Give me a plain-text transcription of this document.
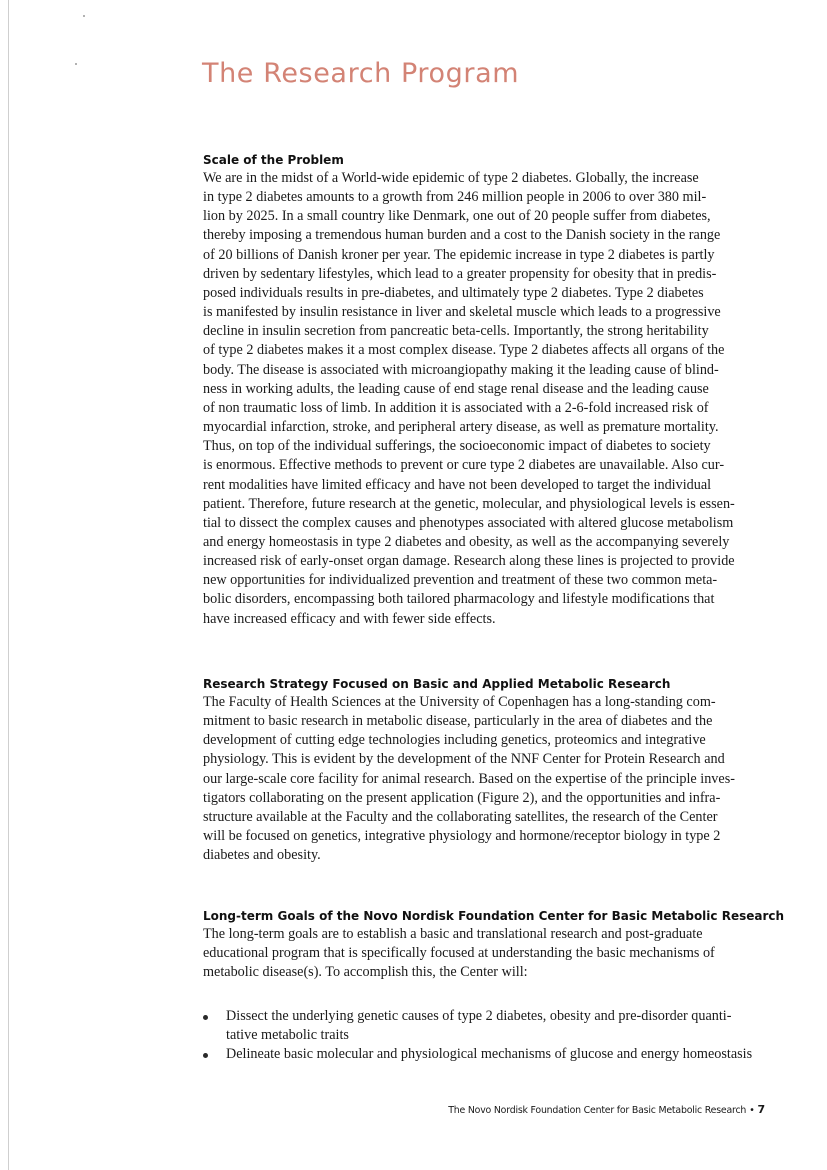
The Research Program
Scale of the Problem

We are in the midst of a World-wide epidemic of type 2 diabetes. Globally, the increase
in type 2 diabetes amounts to a growth from 246 million people in 2006 to over 380 mil-
lion by 2025. In a small country like Denmark, one out of 20 people suffer from diabetes,
thereby imposing a tremendous human burden and a cost to the Danish society in the range
of 20 billions of Danish kroner per year. The epidemic increase in type 2 diabetes is partly
driven by sedentary lifestyles, which lead to a greater propensity for obesity that in predis-
posed individuals results in pre-diabetes, and ultimately type 2 diabetes. Type 2 diabetes
is manifested by insulin resistance in liver and skeletal muscle which leads to a progressive
decline in insulin secretion from pancreatic beta-cells. Importantly, the strong heritability
of type 2 diabetes makes it a most complex disease. Type 2 diabetes affects all organs of the
body. The disease is associated with microangiopathy making it the leading cause of blind-
ness in working adults, the leading cause of end stage renal disease and the leading cause
of non traumatic loss of limb. In addition it is associated with a 2-6-fold increased risk of
myocardial infarction, stroke, and peripheral artery disease, as well as premature mortality.
Thus, on top of the individual sufferings, the socioeconomic impact of diabetes to society
is enormous. Effective methods to prevent or cure type 2 diabetes are unavailable. Also cur-
rent modalities have limited efficacy and have not been developed to target the individual
patient. Therefore, future research at the genetic, molecular, and physiological levels is essen-
tial to dissect the complex causes and phenotypes associated with altered glucose metabolism
and energy homeostasis in type 2 diabetes and obesity, as well as the accompanying severely
increased risk of early-onset organ damage. Research along these lines is projected to provide
new opportunities for individualized prevention and treatment of these two common meta-
bolic disorders, encompassing both tailored pharmacology and lifestyle modifications that
have increased efficacy and with fewer side effects.

Research Strategy Focused on Basic and Applied Metabolic Research

The Faculty of Health Sciences at the University of Copenhagen has a long-standing com-
mitment to basic research in metabolic disease, particularly in the area of diabetes and the
development of cutting edge technologies including genetics, proteomics and integrative
physiology. This is evident by the development of the NNF Center for Protein Research and
our large-scale core facility for animal research. Based on the expertise of the principle inves-
tigators collaborating on the present application (Figure 2), and the opportunities and infra-
structure available at the Faculty and the collaborating satellites, the research of the Center
will be focused on genetics, integrative physiology and hormone/receptor biology in type 2
diabetes and obesity.

Long-term Goals of the Novo Nordisk Foundation Center for Basic Metabolic Research

The long-term goals are to establish a basic and translational research and post-graduate
educational program that is specifically focused at understanding the basic mechanisms of
metabolic disease(s). To accomplish this, the Center will:

Dissect the underlying genetic causes of type 2 diabetes, obesity and pre-disorder quanti-
tative metabolic traits
Delineate basic molecular and physiological mechanisms of glucose and energy homeostasis
The Novo Nordisk Foundation Center for Basic Metabolic Research • 7
